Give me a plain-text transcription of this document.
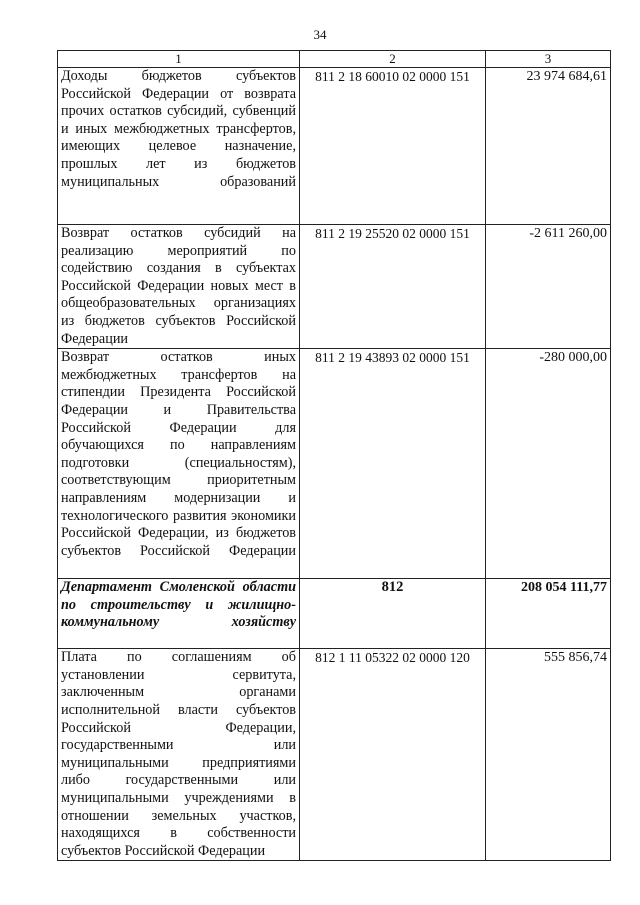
34
1	2	3
Доходы бюджетов субъектов Российской Федерации от возврата прочих остатков субсидий, субвенций и иных межбюджетных трансфертов, имеющих целевое назначение, прошлых лет из бюджетов муниципальных образований	811 2 18 60010 02 0000 151	23 974 684,61
Возврат остатков субсидий на реализацию мероприятий по содействию создания в субъектах Российской Федерации новых мест в общеобразовательных организациях из бюджетов субъектов Российской Федерации	811 2 19 25520 02 0000 151	-2 611 260,00
Возврат остатков иных межбюджетных трансфертов на стипендии Президента Российской Федерации и Правительства Российской Федерации для обучающихся по направлениям подготовки (специальностям), соответствующим приоритетным направлениям модернизации и технологического развития экономики Российской Федерации, из бюджетов субъектов Российской Федерации	811 2 19 43893 02 0000 151	-280 000,00
Департамент Смоленской области по строительству и жилищно-коммунальному хозяйству	812	208 054 111,77
Плата по соглашениям об установлении сервитута, заключенным органами исполнительной власти субъектов Российской Федерации, государственными или муниципальными предприятиями либо государственными или муниципальными учреждениями в отношении земельных участков, находящихся в собственности субъектов Российской Федерации	812 1 11 05322 02 0000 120	555 856,74
